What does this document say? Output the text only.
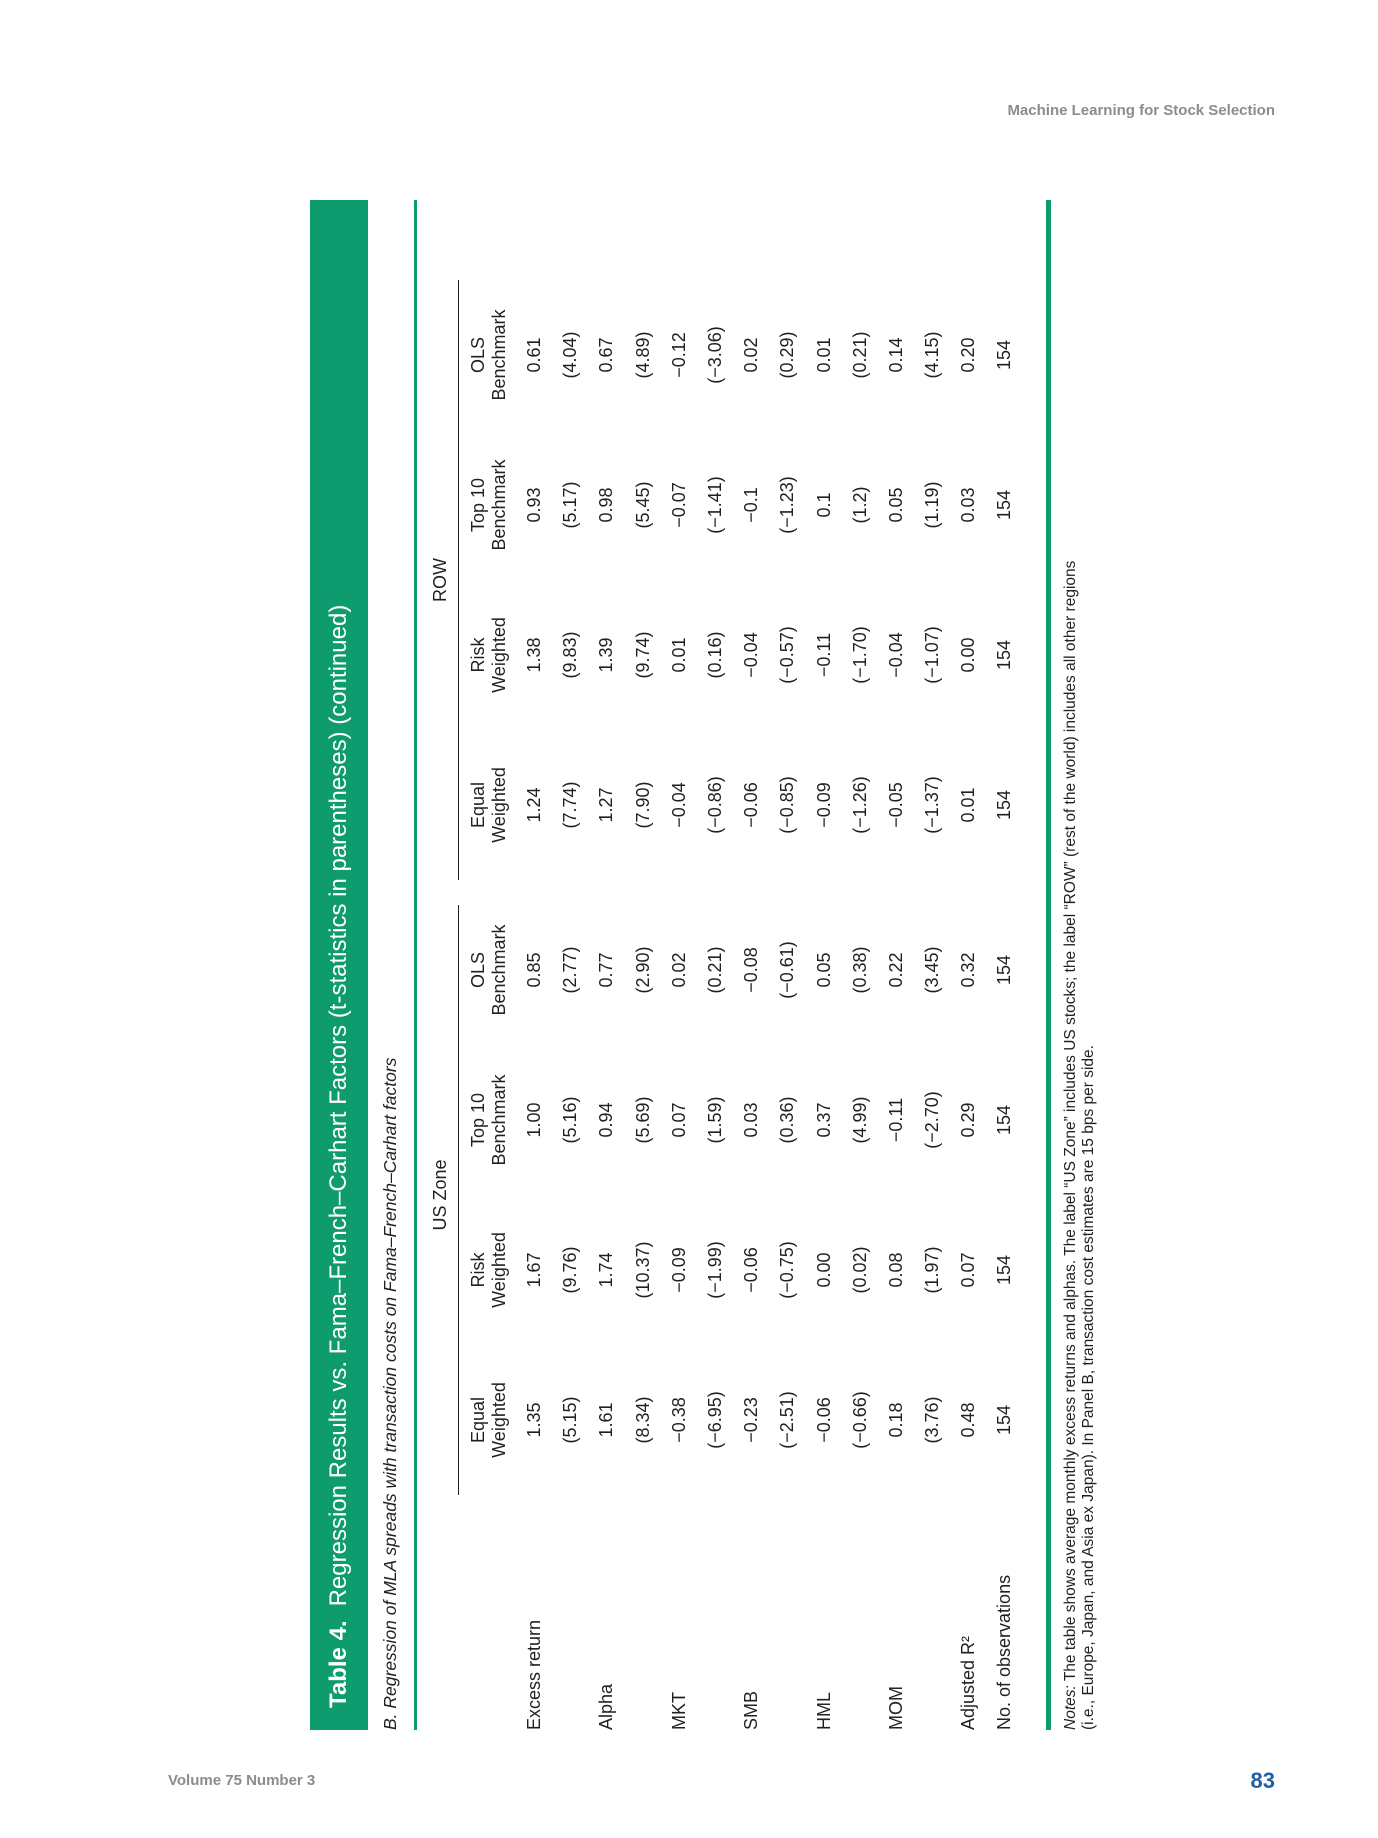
Machine Learning for Stock Selection
Table 4.Regression Results vs. Fama–French–Carhart Factors (t-statistics in parentheses) (continued)	B. Regression of MLA spreads with transaction costs on Fama–French–Carhart factors US Zone
ROW
Equal Weighted
Risk Weighted
Top 10 Benchmark
OLS Benchmark
Equal Weighted
Risk Weighted
Top 10 Benchmark
OLS Benchmark
Excess return
1.35
1.67
1.00
0.85
1.24
1.38
0.93
0.61
(5.15)
(9.76)
(5.16)
(2.77)
(7.74)
(9.83)
(5.17)
(4.04)
Alpha
1.61
1.74
0.94
0.77
1.27
1.39
0.98
0.67
(8.34)
(10.37)
(5.69)
(2.90)
(7.90)
(9.74)
(5.45)
(4.89)
MKT
−0.38
−0.09
0.07
0.02
−0.04
0.01
−0.07
−0.12
(−6.95)
(−1.99)
(1.59)
(0.21)
(−0.86)
(0.16)
(−1.41)
(−3.06)
SMB
−0.23
−0.06
0.03
−0.08
−0.06
−0.04
−0.1
0.02
(−2.51)
(−0.75)
(0.36)
(−0.61)
(−0.85)
(−0.57)
(−1.23)
(0.29)
HML
−0.06
0.00
0.37
0.05
−0.09
−0.11
0.1
0.01
(−0.66)
(0.02)
(4.99)
(0.38)
(−1.26)
(−1.70)
(1.2)
(0.21)
MOM
0.18
0.08
−0.11
0.22
−0.05
−0.04
0.05
0.14
(3.76)
(1.97)
(−2.70)
(3.45)
(−1.37)
(−1.07)
(1.19)
(4.15)
Adjusted R²
0.48
0.07
0.29
0.32
0.01
0.00
0.03
0.20
No. of observations
154
154
154
154
154
154
154
154
Notes: The table shows average monthly excess returns and alphas. The label “US Zone” includes US stocks; the label “ROW” (rest of the world) includes all other regions (i.e., Europe, Japan, and Asia ex Japan). In Panel B, transaction cost estimates are 15 bps per side.
Volume 75 Number 3	83
